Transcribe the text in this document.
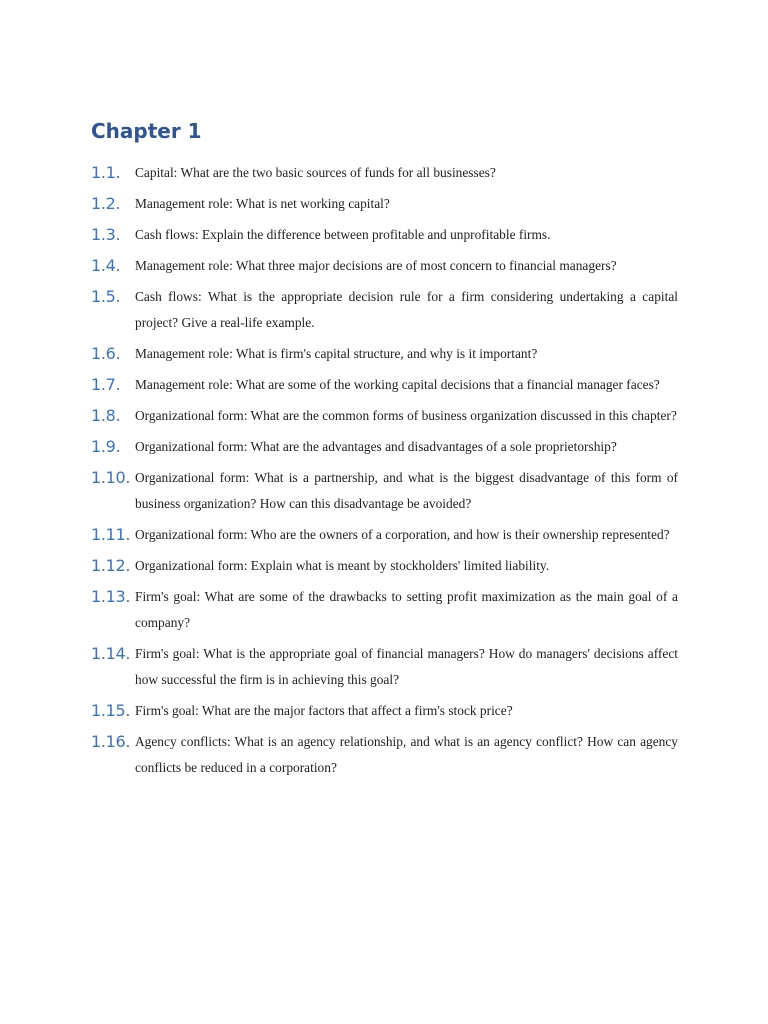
Chapter 1
1.1.	Capital: What are the two basic sources of funds for all businesses?
1.2.	Management role: What is net working capital?
1.3.	Cash flows: Explain the difference between profitable and unprofitable firms.
1.4.	Management role: What three major decisions are of most concern to financial managers?
1.5.	Cash flows: What is the appropriate decision rule for a firm considering undertaking a capital project? Give a real-life example.
1.6.	Management role: What is firm's capital structure, and why is it important?
1.7.	Management role: What are some of the working capital decisions that a financial manager faces?
1.8.	Organizational form: What are the common forms of business organization discussed in this chapter?
1.9.	Organizational form: What are the advantages and disadvantages of a sole proprietorship?
1.10. Organizational form: What is a partnership, and what is the biggest disadvantage of this form of business organization? How can this disadvantage be avoided?
1.11. Organizational form: Who are the owners of a corporation, and how is their ownership represented?
1.12. Organizational form: Explain what is meant by stockholders' limited liability.
1.13. Firm's goal: What are some of the drawbacks to setting profit maximization as the main goal of a company?
1.14. Firm's goal: What is the appropriate goal of financial managers? How do managers' decisions affect how successful the firm is in achieving this goal?
1.15. Firm's goal: What are the major factors that affect a firm's stock price?
1.16. Agency conflicts: What is an agency relationship, and what is an agency conflict? How can agency conflicts be reduced in a corporation?
